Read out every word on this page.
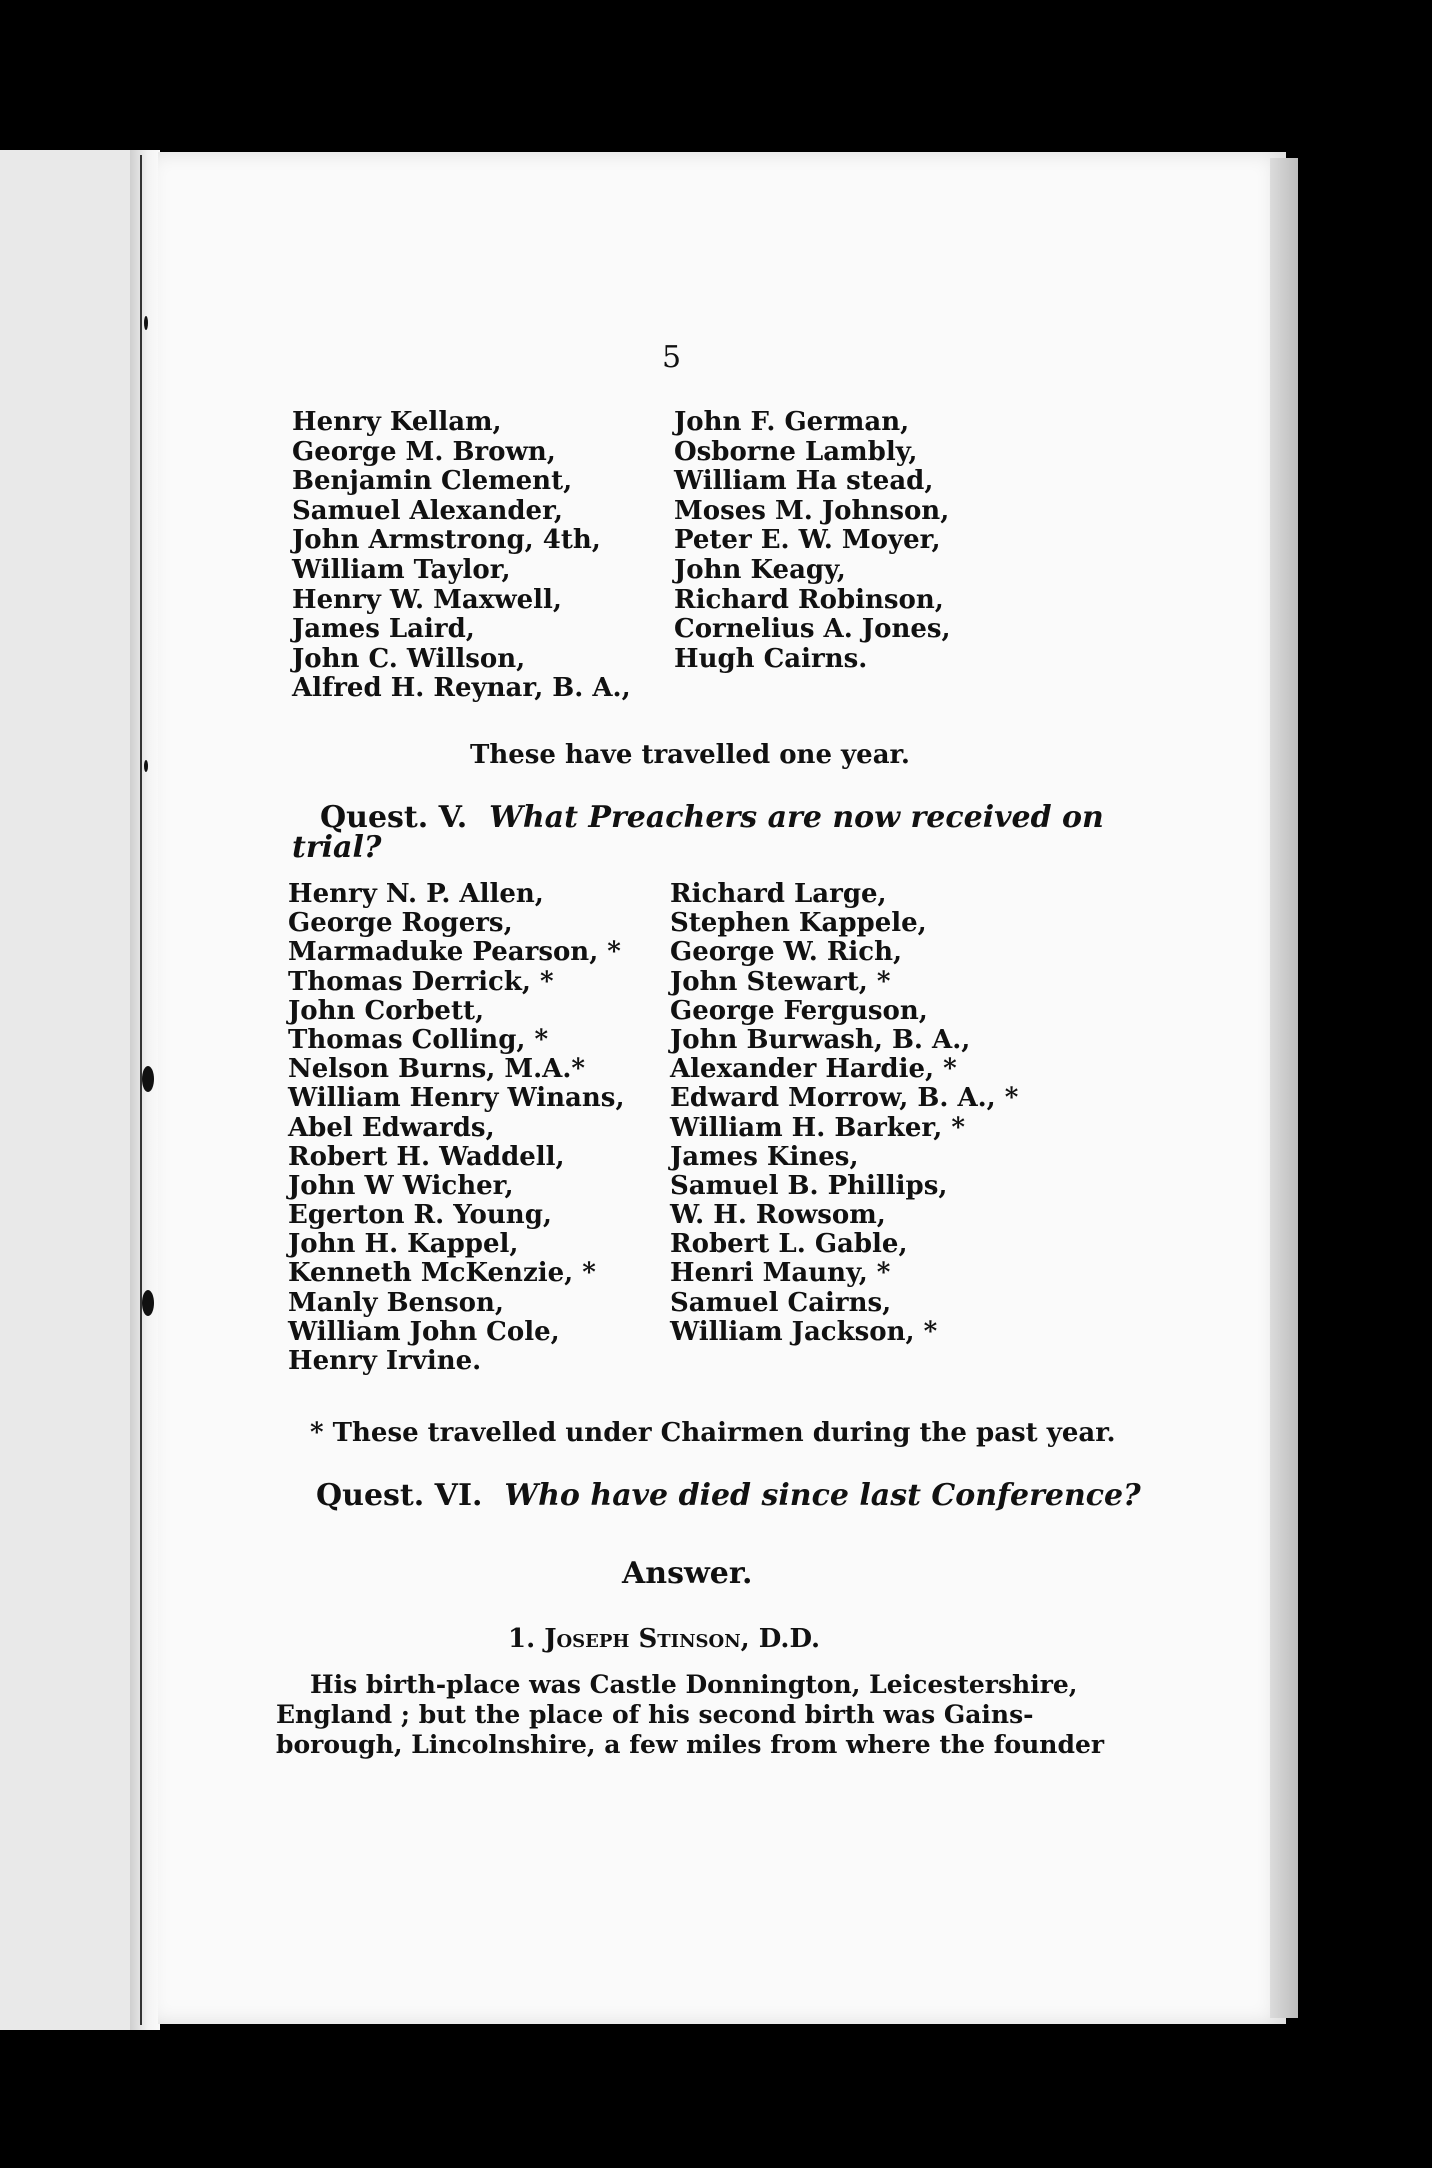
5
Henry Kellam,
George M. Brown,
Benjamin Clement,
Samuel Alexander,
John Armstrong, 4th,
William Taylor,
Henry W. Maxwell,
James Laird,
John C. Willson,
Alfred H. Reynar, B. A.,
John F. German,
Osborne Lambly,
William Ha stead,
Moses M. Johnson,
Peter E. W. Moyer,
John Keagy,
Richard Robinson,
Cornelius A. Jones,
Hugh Cairns.
These have travelled one year.
Quest. V. What Preachers are now received on
trial?
Henry N. P. Allen,
George Rogers,
Marmaduke Pearson, *
Thomas Derrick, *
John Corbett,
Thomas Colling, *
Nelson Burns, M.A.*
William Henry Winans,
Abel Edwards,
Robert H. Waddell,
John W Wicher,
Egerton R. Young,
John H. Kappel,
Kenneth McKenzie, *
Manly Benson,
William John Cole,
Henry Irvine.
Richard Large,
Stephen Kappele,
George W. Rich,
John Stewart, *
George Ferguson,
John Burwash, B. A.,
Alexander Hardie, *
Edward Morrow, B. A., *
William H. Barker, *
James Kines,
Samuel B. Phillips,
W. H. Rowsom,
Robert L. Gable,
Henri Mauny, *
Samuel Cairns,
William Jackson, *
* These travelled under Chairmen during the past year.
Quest. VI. Who have died since last Conference?
Answer.
1. Joseph Stinson, D.D.
His birth-place was Castle Donnington, Leicestershire,
England ; but the place of his second birth was Gains-
borough, Lincolnshire, a few miles from where the founder
